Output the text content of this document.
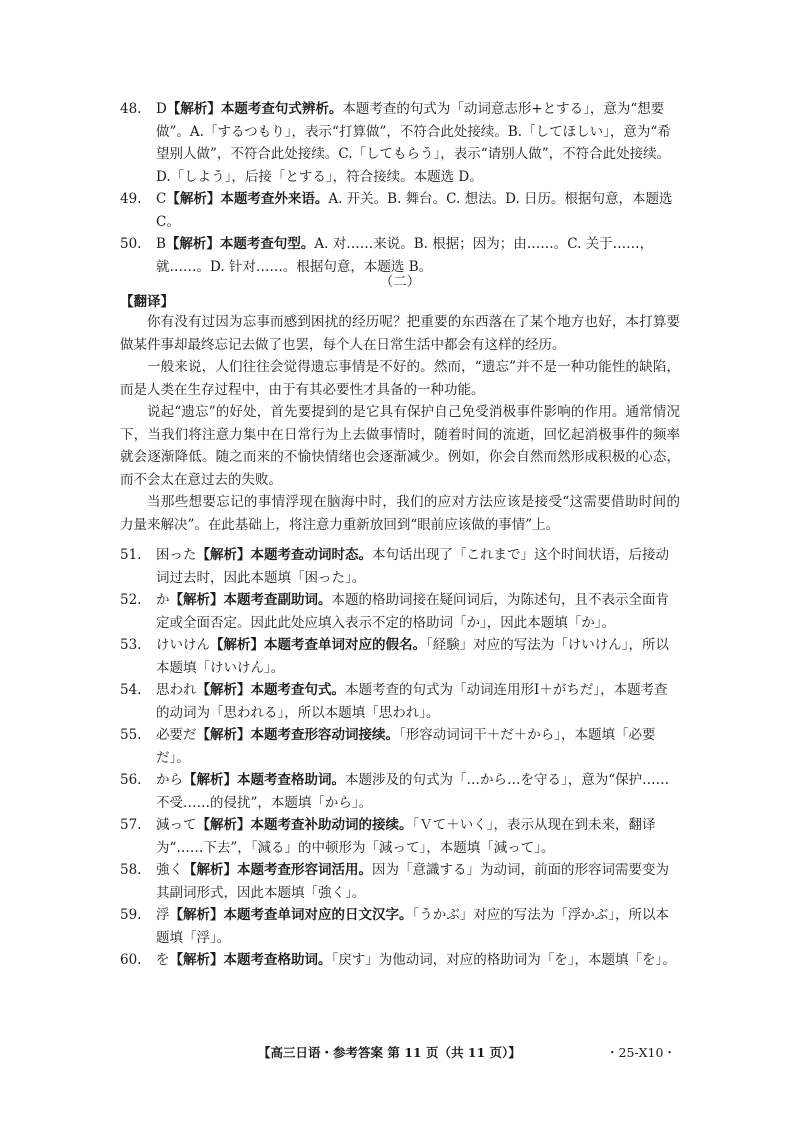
48.	D【解析】本题考查句式辨析。本题考查的句式为「动词意志形+とする」，意为“想要做”。A.「するつもり」，表示“打算做”，不符合此处接续。B.「してほしい」，意为“希望别人做”，不符合此处接续。C.「してもらう」，表示“请别人做”，不符合此处接续。D.「しよう」，后接「とする」，符合接续。本题选 D。
49.	C【解析】本题考查外来语。A. 开关。B. 舞台。C. 想法。D. 日历。根据句意，本题选 C。
50.	B【解析】本题考查句型。A. 对……来说。B. 根据；因为；由……。C. 关于……，就……。D. 针对……。根据句意，本题选 B。
（二）
【翻译】

你有没有过因为忘事而感到困扰的经历呢？把重要的东西落在了某个地方也好，本打算要做某件事却最终忘记去做了也罢，每个人在日常生活中都会有这样的经历。

一般来说，人们往往会觉得遗忘事情是不好的。然而，“遗忘”并不是一种功能性的缺陷，而是人类在生存过程中，由于有其必要性才具备的一种功能。

说起“遗忘”的好处，首先要提到的是它具有保护自己免受消极事件影响的作用。通常情况下，当我们将注意力集中在日常行为上去做事情时，随着时间的流逝，回忆起消极事件的频率就会逐渐降低。随之而来的不愉快情绪也会逐渐减少。例如，你会自然而然形成积极的心态，而不会太在意过去的失败。

当那些想要忘记的事情浮现在脑海中时，我们的应对方法应该是接受“这需要借助时间的力量来解决”。在此基础上，将注意力重新放回到“眼前应该做的事情”上。

51.	困った【解析】本题考查动词时态。本句话出现了「これまで」这个时间状语，后接动词过去时，因此本题填「困った」。
52.	か【解析】本题考查副助词。本题的格助词接在疑问词后，为陈述句，且不表示全面肯定或全面否定。因此此处应填入表示不定的格助词「か」，因此本题填「か」。
53.	けいけん【解析】本题考查单词对应的假名。「経験」对应的写法为「けいけん」，所以本题填「けいけん」。
54.	思われ【解析】本题考查句式。本题考查的句式为「动词连用形Ⅰ＋がちだ」，本题考查的动词为「思われる」，所以本题填「思われ」。
55.	必要だ【解析】本题考查形容动词接续。「形容动词词干＋だ＋から」，本题填「必要だ」。
56.	から【解析】本题考查格助词。本题涉及的句式为「…から…を守る」，意为“保护……不受……的侵扰”，本题填「から」。
57.	減って【解析】本题考查补助动词的接续。「Ｖて＋いく」，表示从现在到未来，翻译为“……下去”，「減る」的中顿形为「減って」，本题填「減って」。
58.	強く【解析】本题考查形容词活用。因为「意識する」为动词，前面的形容词需要变为其副词形式，因此本题填「強く」。
59.	浮【解析】本题考查单词对应的日文汉字。「うかぶ」对应的写法为「浮かぶ」，所以本题填「浮」。
60.	を【解析】本题考查格助词。「戻す」为他动词，对应的格助词为「を」，本题填「を」。
【高三日语・参考答案 第 11 页（共 11 页）】	・25-X10・
